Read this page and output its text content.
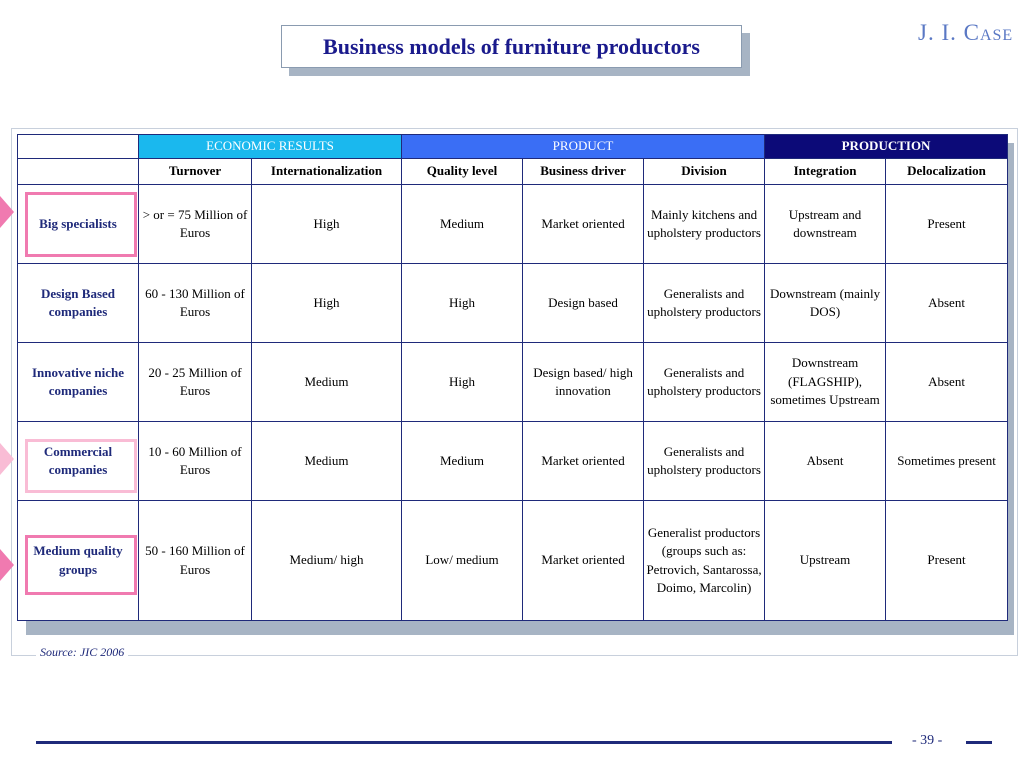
Business models of furniture productors
J. I. Case
	ECONOMIC RESULTS		PRODUCT			PRODUCTION	
	Turnover	Internationalization	Quality level	Business driver	Division	Integration	Delocalization
Big specialists	> or = 75 Million of Euros	High	Medium	Market oriented	Mainly kitchens and upholstery productors	Upstream and downstream	Present
Design Based companies	60 - 130 Million of Euros	High	High	Design based	Generalists and upholstery productors	Downstream (mainly DOS)	Absent
Innovative niche companies	20 - 25 Million of Euros	Medium	High	Design based/ high innovation	Generalists and upholstery productors	Downstream (FLAGSHIP), sometimes Upstream	Absent
Commercial companies	10 - 60 Million of Euros	Medium	Medium	Market oriented	Generalists and upholstery productors	Absent	Sometimes present
Medium quality groups	50 - 160 Million of Euros	Medium/ high	Low/ medium	Market oriented	Generalist productors (groups such as: Petrovich, Santarossa, Doimo, Marcolin)	Upstream	Present
Source: JIC 2006
- 39 -
